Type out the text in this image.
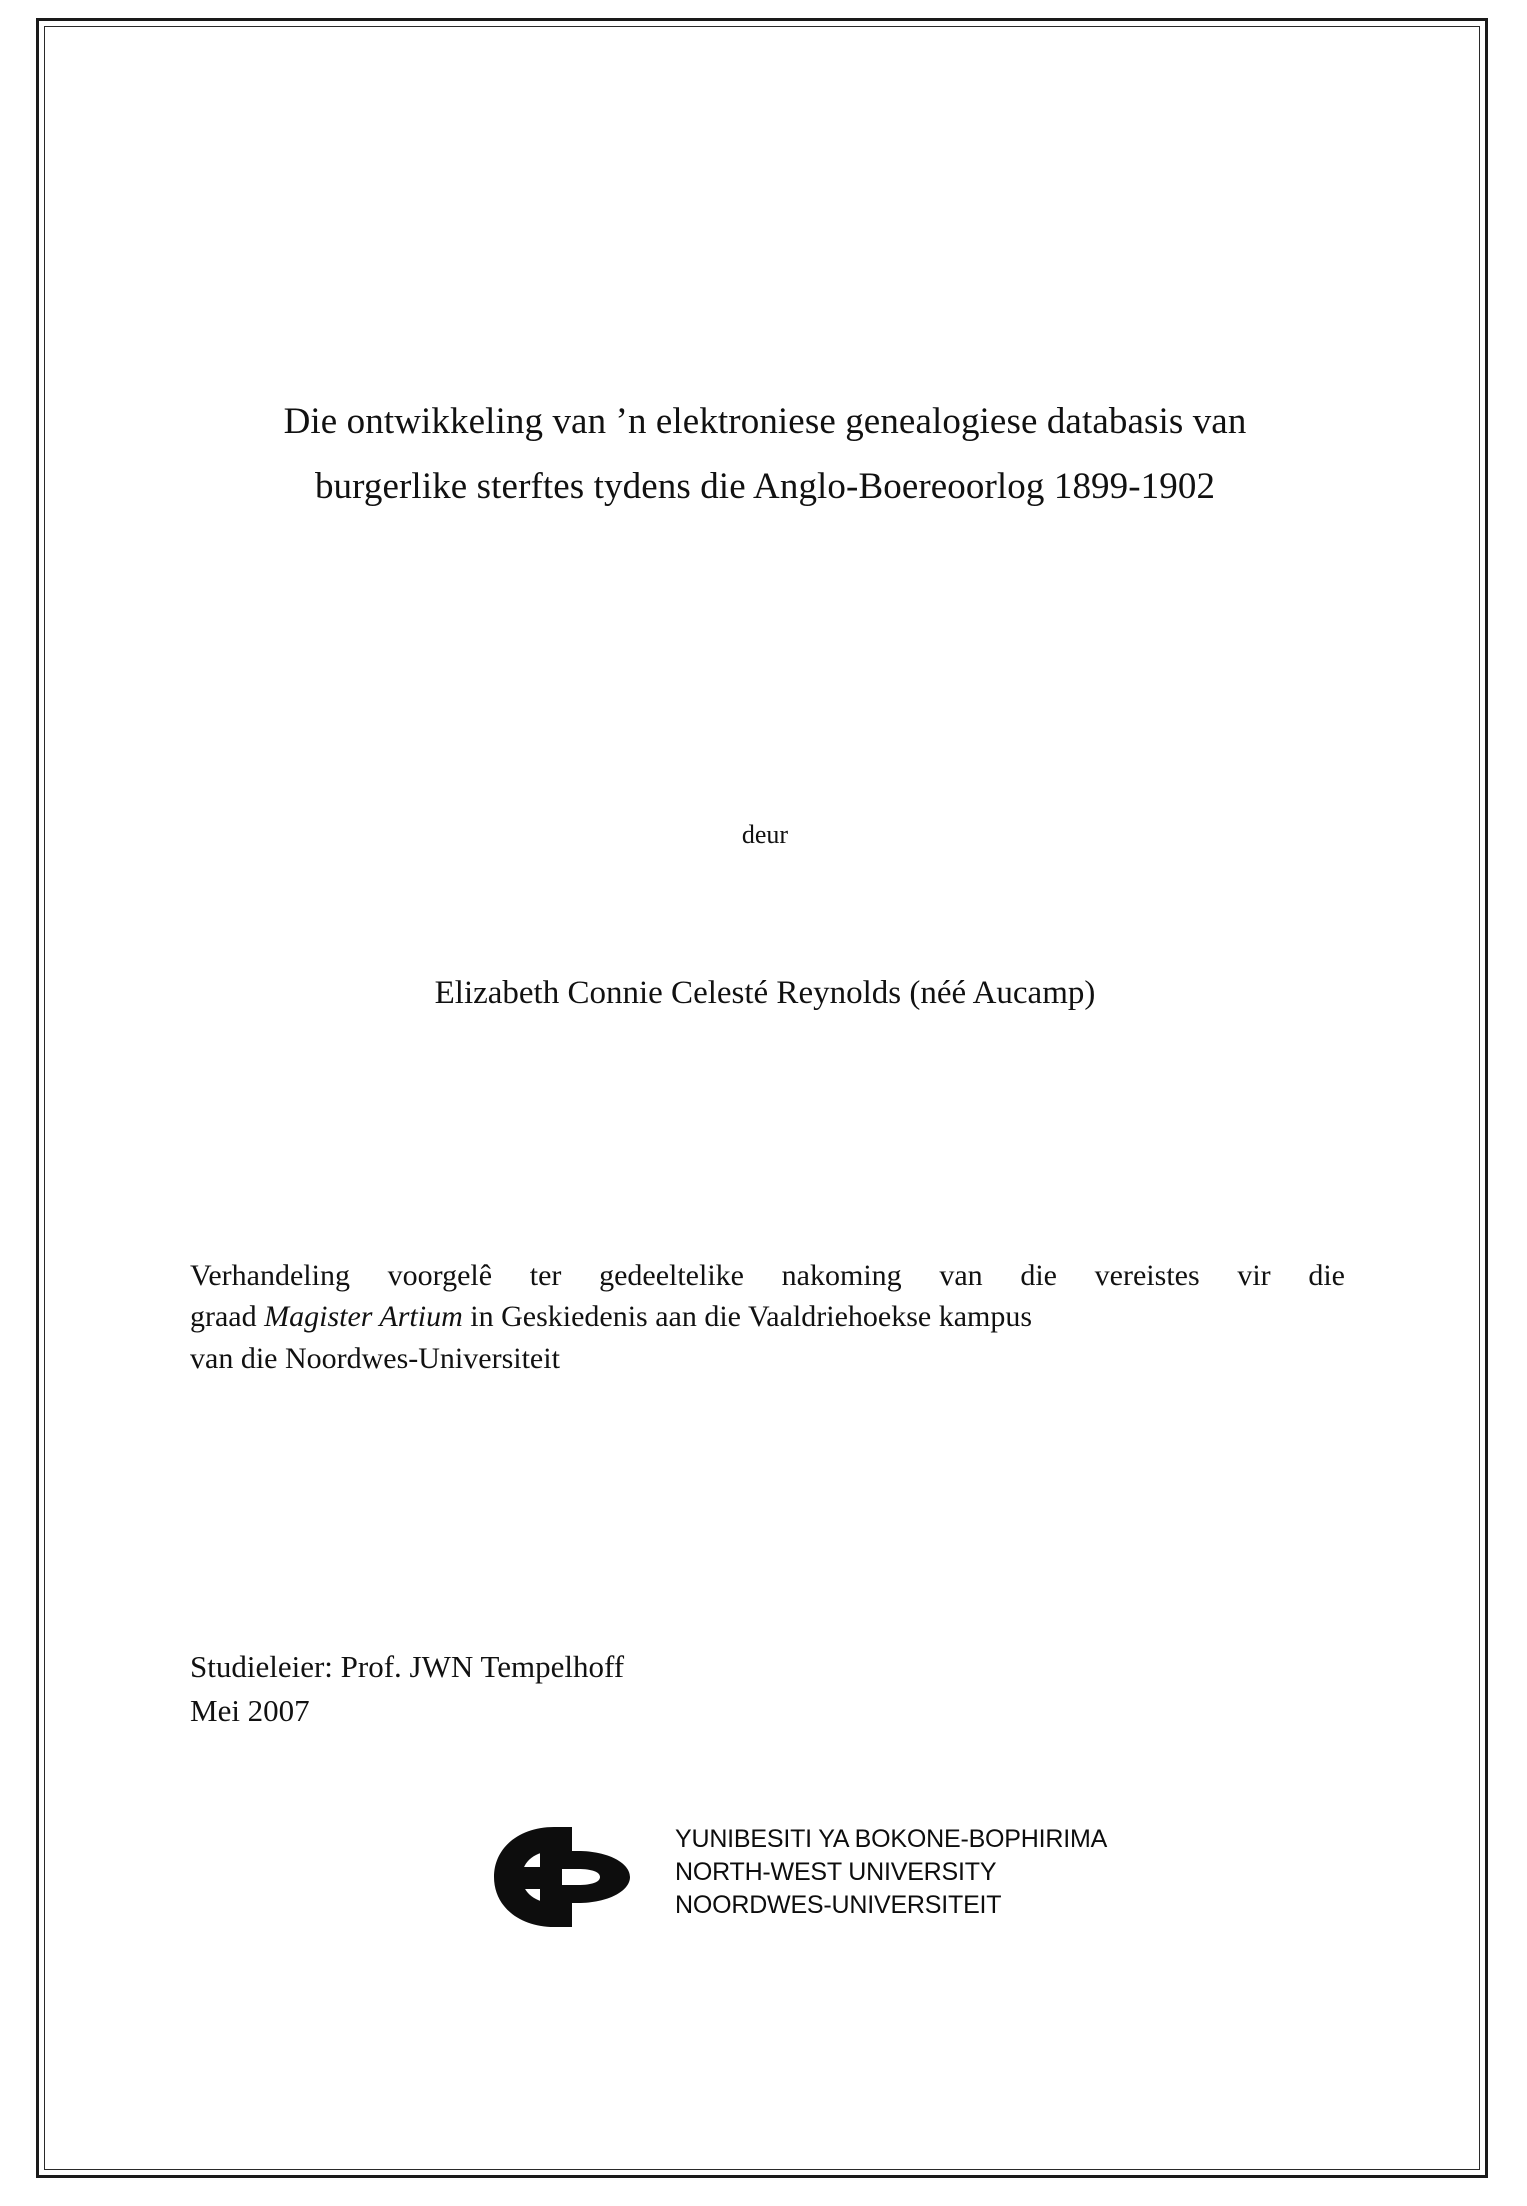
Die ontwikkeling van ’n elektroniese genealogiese databasis van
burgerlike sterftes tydens die Anglo-Boereoorlog 1899-1902
deur
Elizabeth Connie Celesté Reynolds (néé Aucamp)

Verhandeling voorgelê ter gedeeltelike nakoming van die vereistes vir die

graad Magister Artium in Geskiedenis aan die Vaaldriehoekse kampus

van die Noordwes-Universiteit

Studieleier: Prof. JWN Tempelhoff

Mei 2007

YUNIBESITI YA BOKONE-BOPHIRIMA
NORTH-WEST UNIVERSITY
NOORDWES-UNIVERSITEIT
